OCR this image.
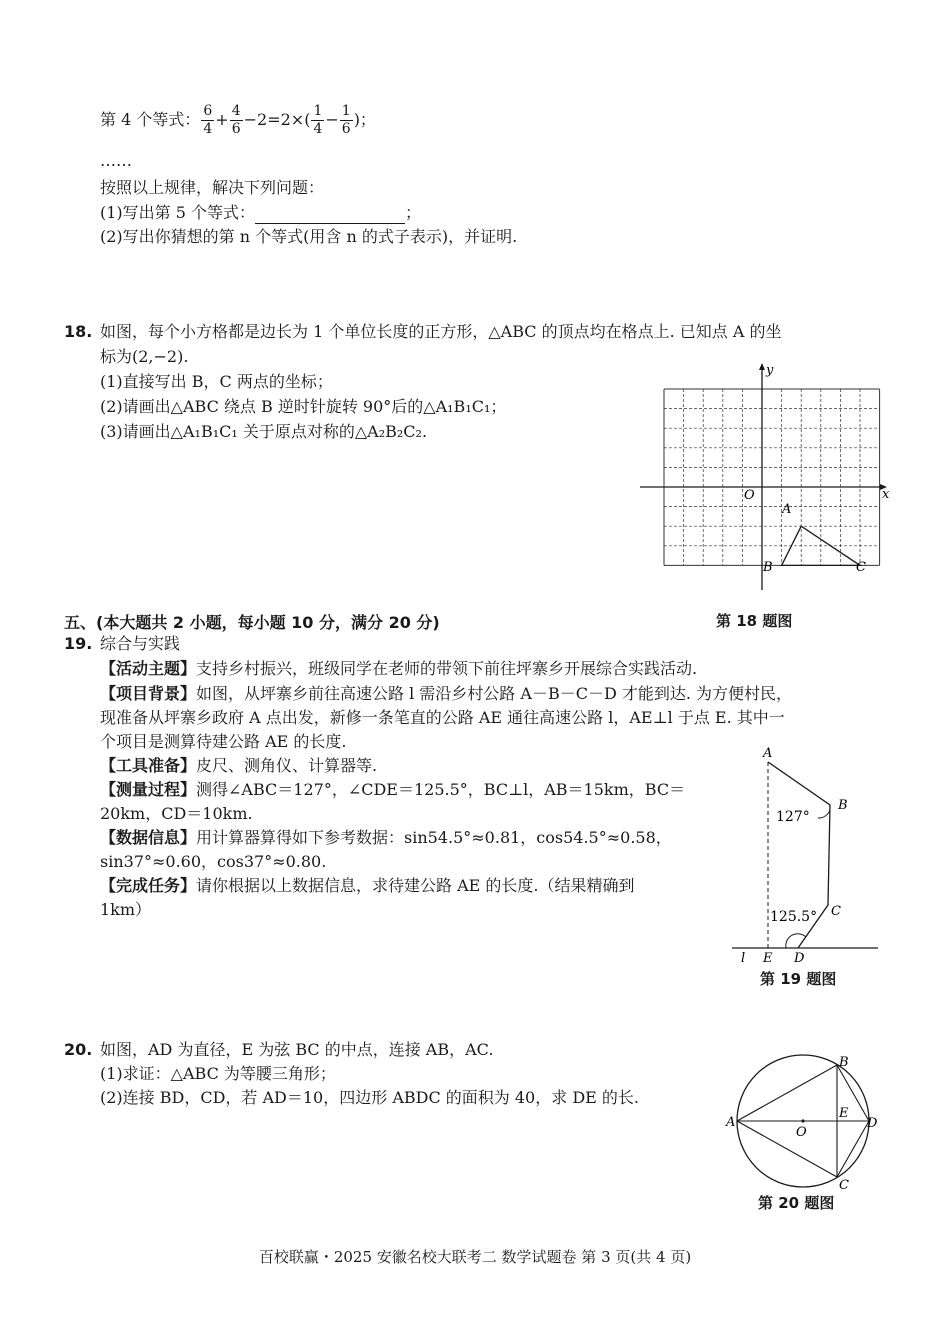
第 4 个等式： $\frac{6}{4} + \frac{4}{6} -2=2\times( \frac{1}{4} - \frac{1}{6}$ )；
……
按照以上规律，解决下列问题：
(1)写出第 5 个等式：	；
(2)写出你猜想的第 n 个等式(用含 n 的式子表示)，并证明.
18. 如图，每个小方格都是边长为 1 个单位长度的正方形，△ABC 的顶点均在格点上. 已知点 A 的坐
标为(2,−2).
(1)直接写出 B，C 两点的坐标；
(2)请画出△ABC 绕点 B 逆时针旋转 90°后的△A₁B₁C₁；
(3)请画出△A₁B₁C₁ 关于原点对称的△A₂B₂C₂.
x
y
O
A
B	C
第 18 题图
五、(本大题共 2 小题，每小题 10 分，满分 20 分)
19. 综合与实践
【活动主题】支持乡村振兴，班级同学在老师的带领下前往坪寨乡开展综合实践活动.
【项目背景】如图，从坪寨乡前往高速公路 l 需沿乡村公路 A－B－C－D 才能到达. 为方便村民，
现准备从坪寨乡政府 A 点出发，新修一条笔直的公路 AE 通往高速公路 l，AE⊥l 于点 E. 其中一
个项目是测算待建公路 AE 的长度.
【工具准备】皮尺、测角仪、计算器等.
【测量过程】测得∠ABC＝127°，∠CDE＝125.5°，BC⊥l，AB＝15km，BC＝
20km，CD＝10km.
【数据信息】用计算器算得如下参考数据：sin54.5°≈0.81，cos54.5°≈0.58，
sin37°≈0.60，cos37°≈0.80.
【完成任务】请你根据以上数据信息，求待建公路 AE 的长度.（结果精确到
1km）
A
B
C
D
E
l
127°
125.5°
第 19 题图
20. 如图，AD 为直径，E 为弦 BC 的中点，连接 AB，AC.
(1)求证：△ABC 为等腰三角形；
(2)连接 BD，CD，若 AD＝10，四边形 ABDC 的面积为 40，求 DE 的长.
A
B
C
D
E
O
第 20 题图
百校联赢・2025 安徽名校大联考二 数学试题卷 第 3 页(共 4 页)
